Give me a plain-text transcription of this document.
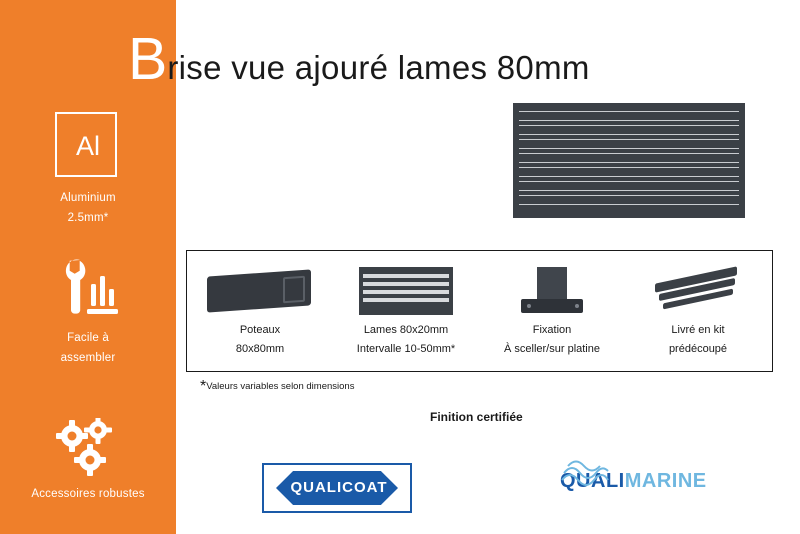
Al
Aluminium
2.5mm*
Facile à
assembler
Accessoires robustes
Brise vue ajouré lames 80mm
Poteaux
80x80mm
Lames 80x20mm
Intervalle 10-50mm*
Fixation
À sceller/sur platine
Livré en kit
prédécoupé
*Valeurs variables selon dimensions
Finition certifiée
QUALICOAT	QUALIMARINE
